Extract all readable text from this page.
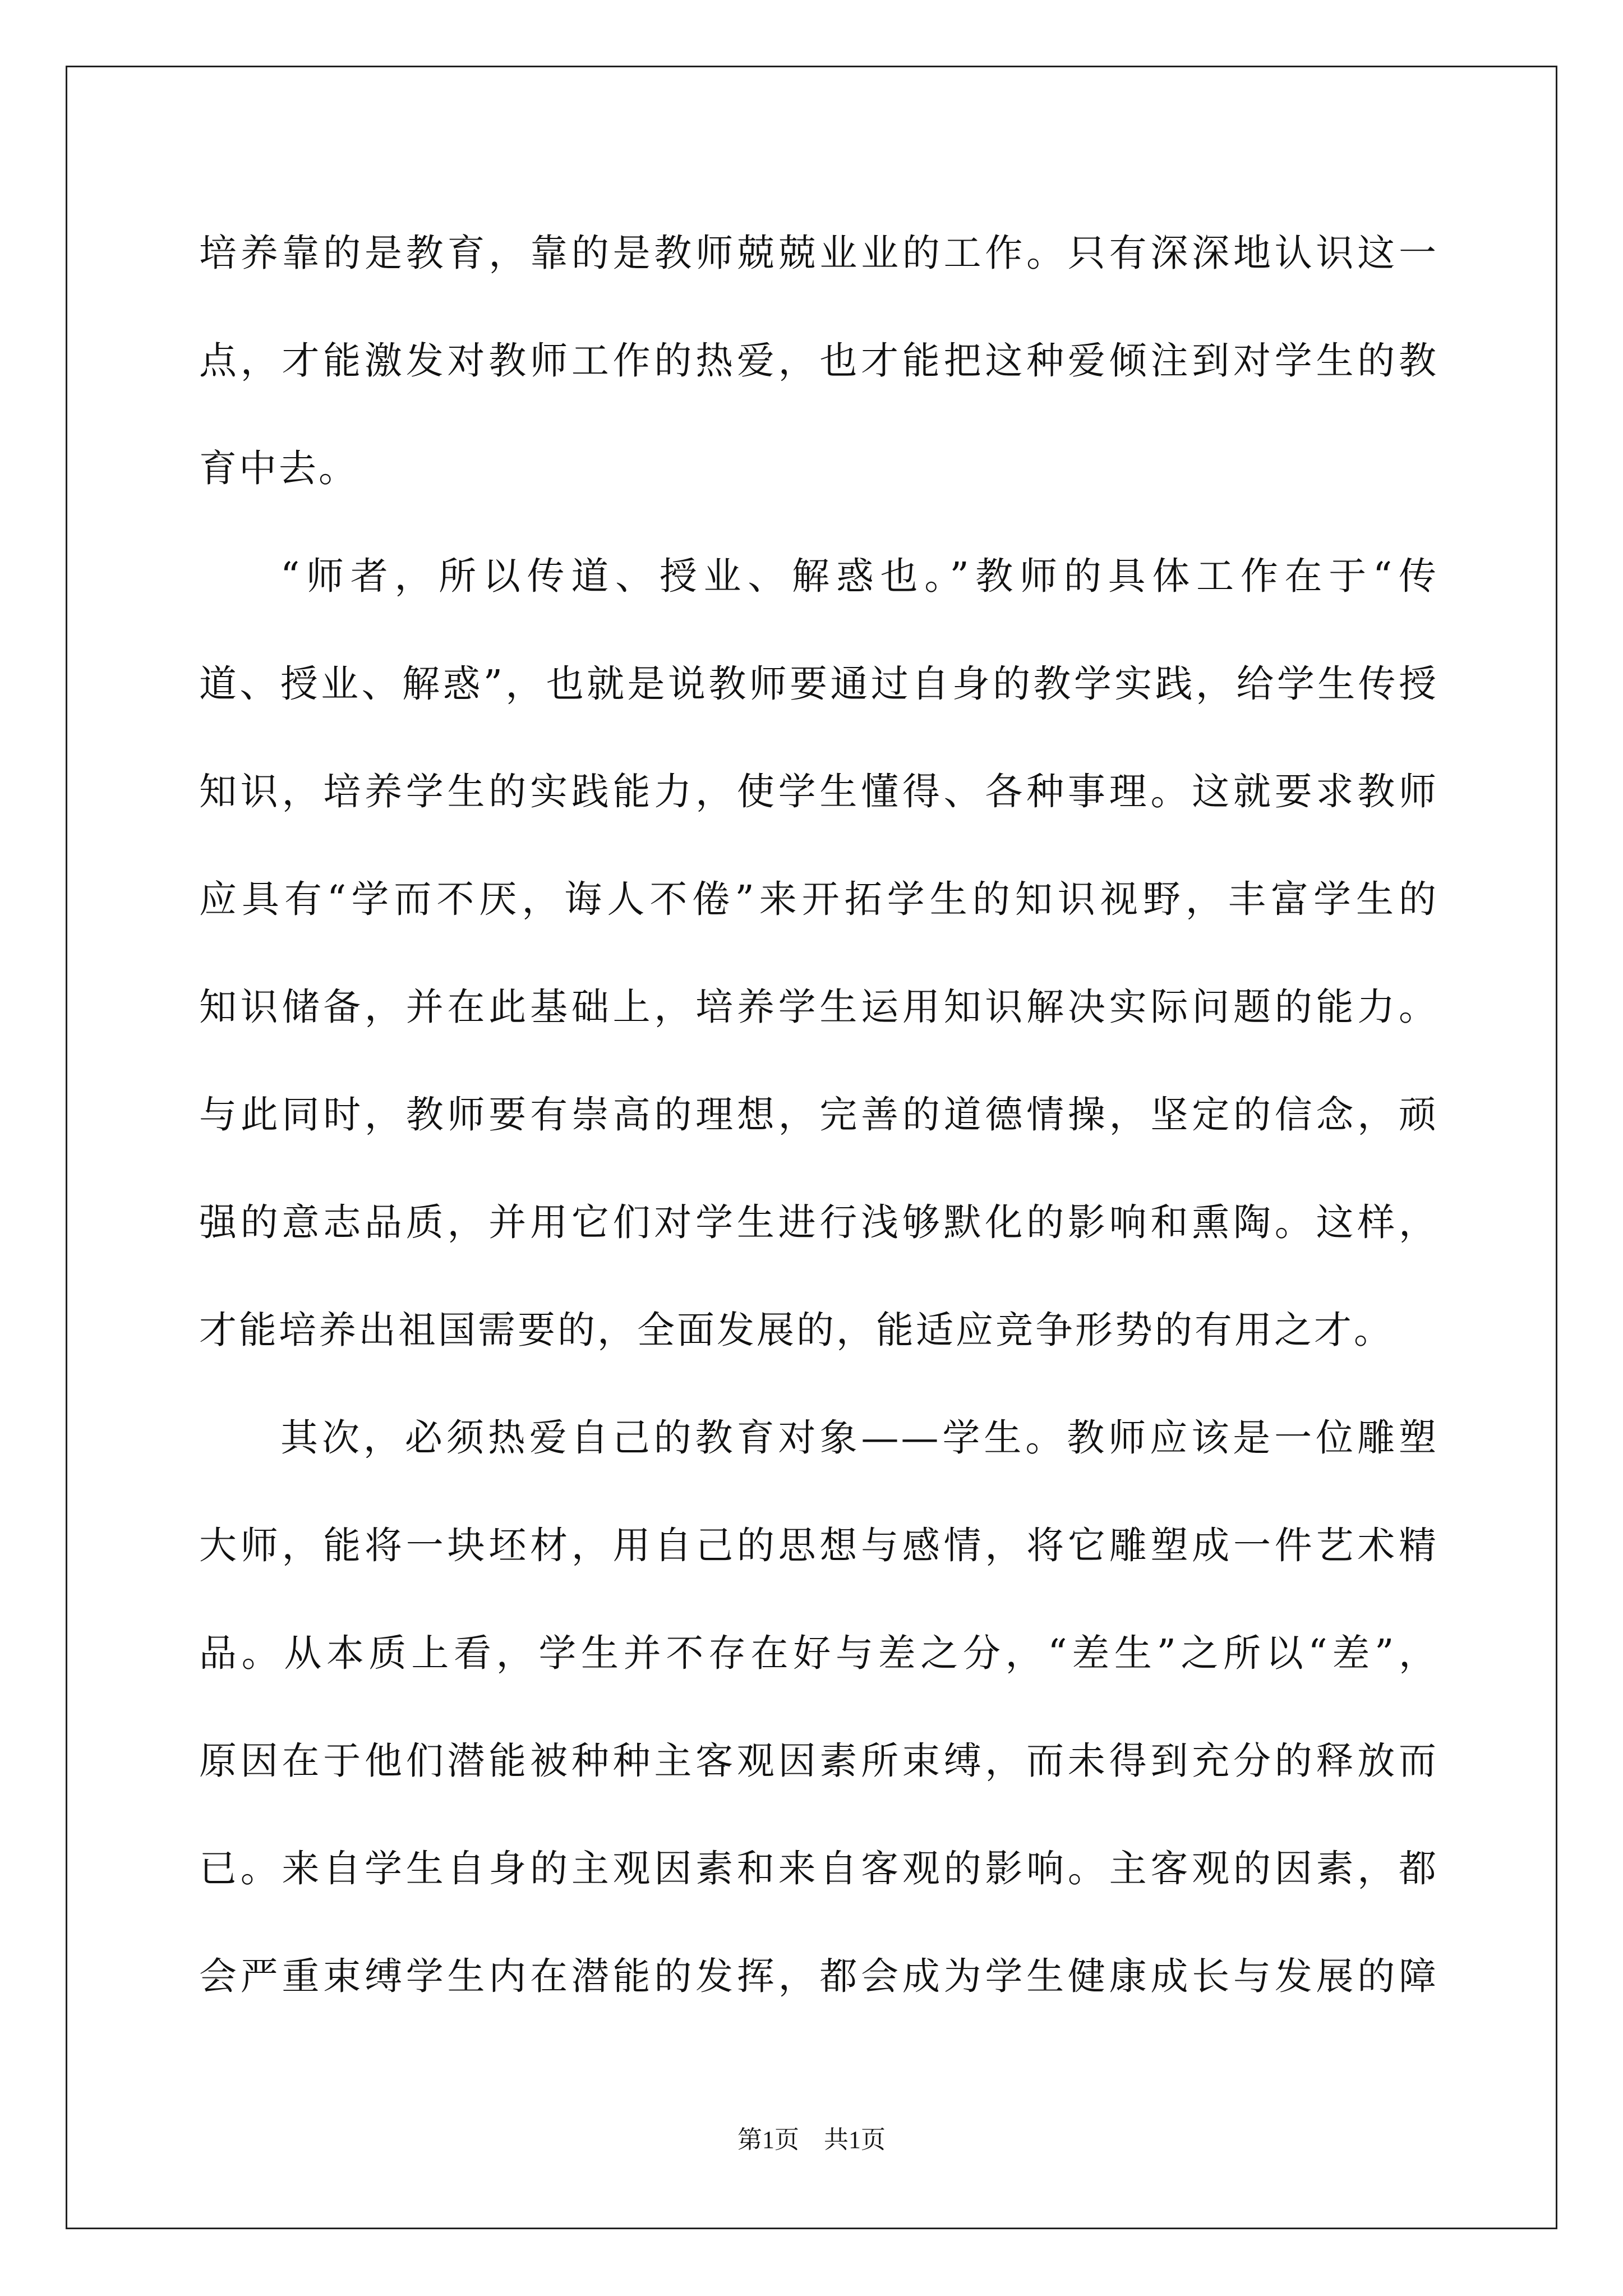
培养靠的是教育，靠的是教师兢兢业业的工作。只有深深地认识这一
点，才能激发对教师工作的热爱，也才能把这种爱倾注到对学生的教
育中去。
“师者，所以传道、授业、解惑也。”教师的具体工作在于“传
道、授业、解惑”，也就是说教师要通过自身的教学实践，给学生传授
知识，培养学生的实践能力，使学生懂得、各种事理。这就要求教师
应具有“学而不厌，诲人不倦”来开拓学生的知识视野，丰富学生的
知识储备，并在此基础上，培养学生运用知识解决实际问题的能力。
与此同时，教师要有崇高的理想，完善的道德情操，坚定的信念，顽
强的意志品质，并用它们对学生进行浅够默化的影响和熏陶。这样，
才能培养出祖国需要的，全面发展的，能适应竞争形势的有用之才。
其次，必须热爱自己的教育对象——学生。教师应该是一位雕塑
大师，能将一块坯材，用自己的思想与感情，将它雕塑成一件艺术精
品。从本质上看，学生并不存在好与差之分，“差生”之所以“差”，
原因在于他们潜能被种种主客观因素所束缚，而未得到充分的释放而
已。来自学生自身的主观因素和来自客观的影响。主客观的因素，都
会严重束缚学生内在潜能的发挥，都会成为学生健康成长与发展的障
第1页　共1页
